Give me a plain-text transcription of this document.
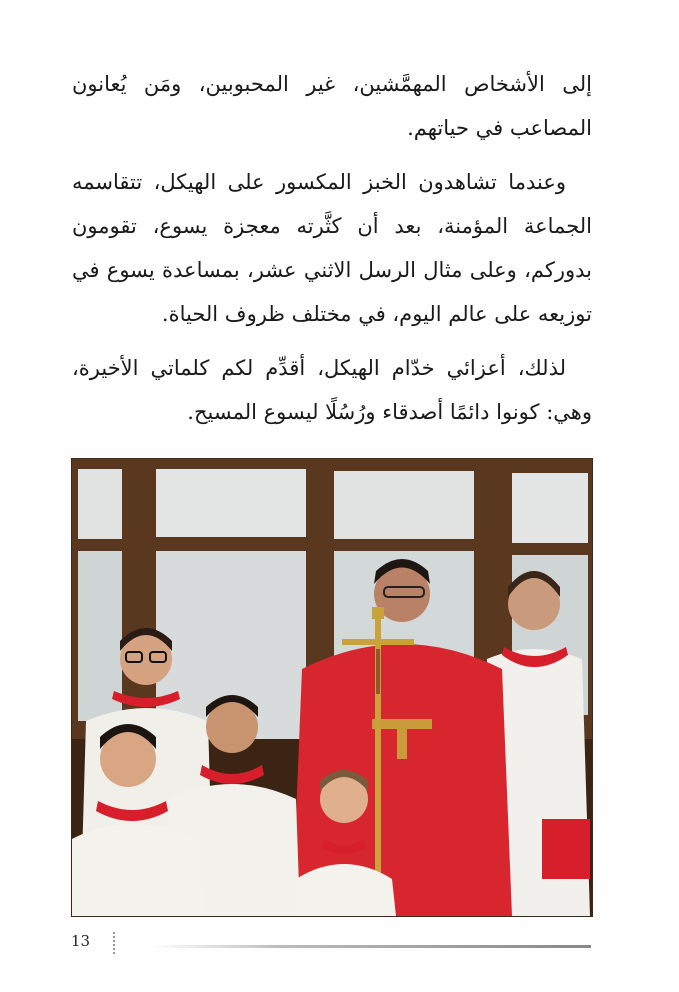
إلى الأشخاص المهمَّشين، غير المحبوبين، ومَن يُعانون المصاعب في حياتهم.

وعندما تشاهدون الخبز المكسور على الهيكل، تتقاسمه الجماعة المؤمنة، بعد أن كثَّرته معجزة يسوع، تقومون بدوركم، وعلى مثال الرسل الاثني عشر، بمساعدة يسوع في توزيعه على عالم اليوم، في مختلف ظروف الحياة.

لذلك، أعزائي خدّام الهيكل، أقدِّم لكم كلماتي الأخيرة، وهي: كونوا دائمًا أصدقاء ورُسُلًا ليسوع المسيح.

13
